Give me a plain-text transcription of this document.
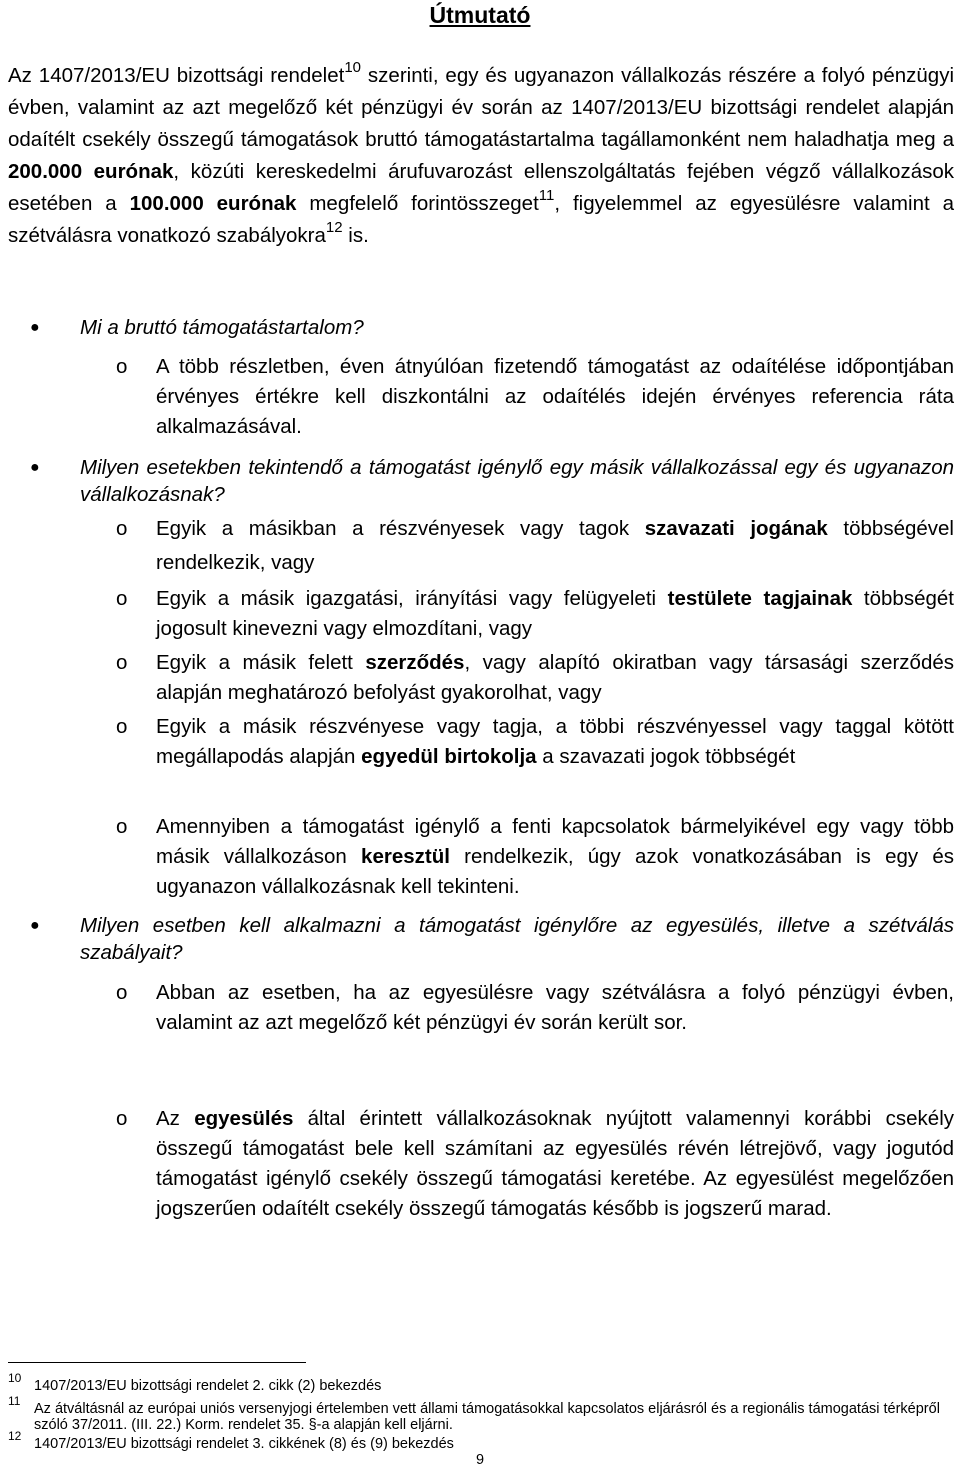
Útmutató
Az 1407/2013/EU bizottsági rendelet$^{10}$ szerinti, egy és ugyanazon vállalkozás részére a folyó pénzügyi évben, valamint az azt megelőző két pénzügyi év során az 1407/2013/EU bizottsági rendelet alapján odaítélt csekély összegű támogatások bruttó támogatástartalma tagállamonként nem haladhatja meg a 200.000 eurónak, közúti kereskedelmi árufuvarozást ellenszolgáltatás fejében végző vállalkozások esetében a 100.000 eurónak megfelelő forintösszeget$^{11}$, figyelemmel az egyesülésre valamint a szétválásra vonatkozó szabályokra$^{12}$ is.
● Mi a bruttó támogatástartalom?
o A több részletben, éven átnyúlóan fizetendő támogatást az odaítélése időpontjában érvényes értékre kell diszkontálni az odaítélés idején érvényes referencia ráta alkalmazásával.
● Milyen esetekben tekintendő a támogatást igénylő egy másik vállalkozással egy és ugyanazon vállalkozásnak?
o Egyik a másikban a részvényesek vagy tagok szavazati jogának többségével rendelkezik, vagy
o Egyik a másik igazgatási, irányítási vagy felügyeleti testülete tagjainak többségét jogosult kinevezni vagy elmozdítani, vagy
o Egyik a másik felett szerződés, vagy alapító okiratban vagy társasági szerződés alapján meghatározó befolyást gyakorolhat, vagy
o Egyik a másik részvényese vagy tagja, a többi részvényessel vagy taggal kötött megállapodás alapján egyedül birtokolja a szavazati jogok többségét
o Amennyiben a támogatást igénylő a fenti kapcsolatok bármelyikével egy vagy több másik vállalkozáson keresztül rendelkezik, úgy azok vonatkozásában is egy és ugyanazon vállalkozásnak kell tekinteni.
● Milyen esetben kell alkalmazni a támogatást igénylőre az egyesülés, illetve a szétválás szabályait?
o Abban az esetben, ha az egyesülésre vagy szétválásra a folyó pénzügyi évben, valamint az azt megelőző két pénzügyi év során került sor.
o Az egyesülés által érintett vállalkozásoknak nyújtott valamennyi korábbi csekély összegű támogatást bele kell számítani az egyesülés révén létrejövő, vagy jogutód támogatást igénylő csekély összegű támogatási keretébe. Az egyesülést megelőzően jogszerűen odaítélt csekély összegű támogatás később is jogszerű marad.
10 1407/2013/EU bizottsági rendelet 2. cikk (2) bekezdés
11 Az átváltásnál az európai uniós versenyjogi értelemben vett állami támogatásokkal kapcsolatos eljárásról és a regionális támogatási térképről szóló 37/2011. (III. 22.) Korm. rendelet 35. §-a alapján kell eljárni.
12 1407/2013/EU bizottsági rendelet 3. cikkének (8) és (9) bekezdés
9
